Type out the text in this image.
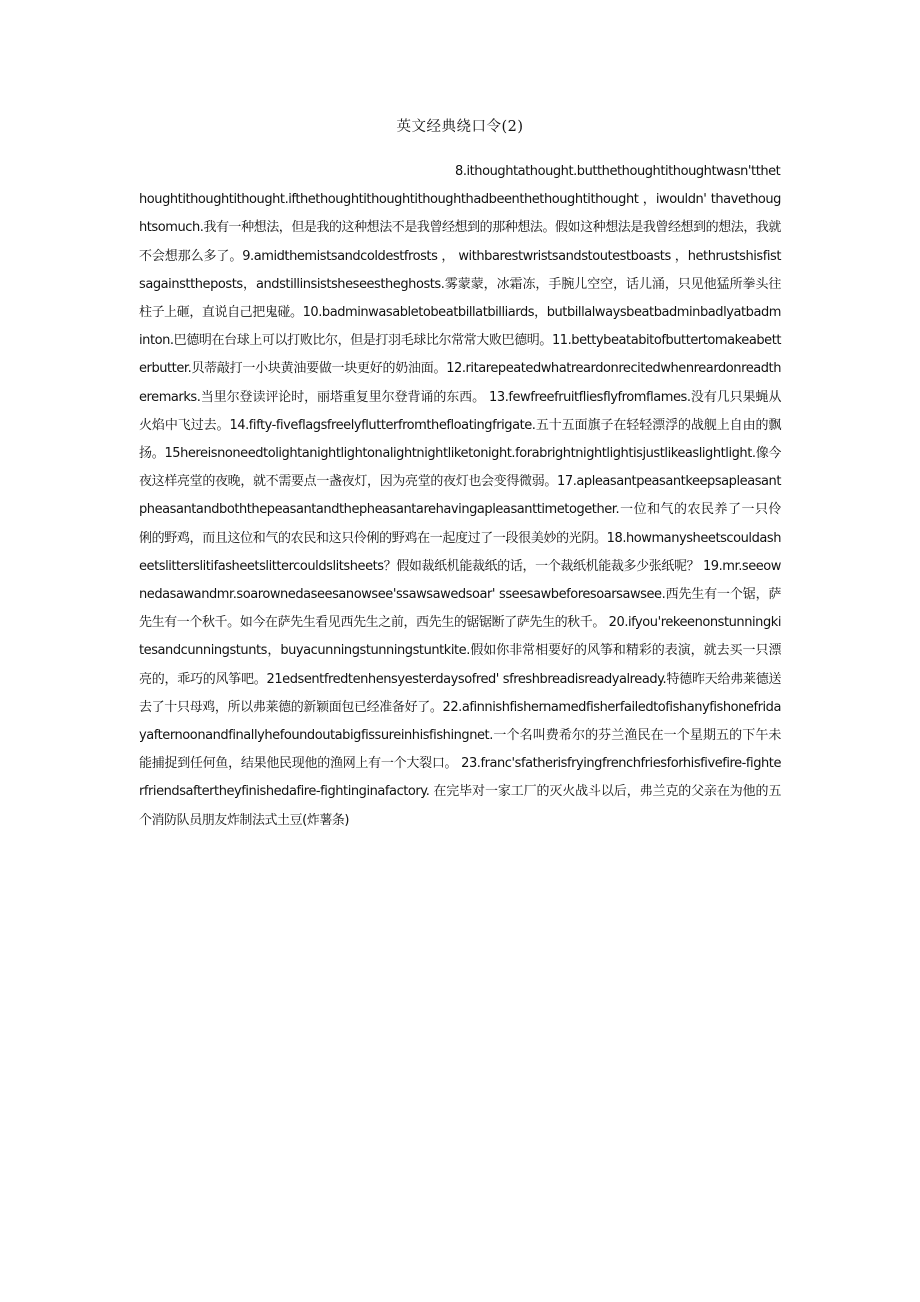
英文经典绕口令(2)
8.ithoughtathought.butthethoughtithoughtwasn'tthethoughtithoughtithought.ifthethoughtithoughtithoughthadbeenthethoughtithought ，iwouldn' thavethoughtsomuch.我有一种想法，但是我的这种想法不是我曾经想到的那种想法。假如这种想法是我曾经想到的想法，我就不会想那么多了。9.amidthemistsandcoldestfrosts ， withbarestwristsandstoutestboasts ，hethrustshisfistsagainsttheposts，andstillinsistsheseestheghosts.雾蒙蒙，冰霜冻，手腕儿空空，话儿涌，只见他猛所拳头往柱子上砸，直说自己把鬼碰。10.badminwasabletobeatbillatbilliards，butbillalwaysbeatbadminbadlyatbadminton.巴德明在台球上可以打败比尔，但是打羽毛球比尔常常大败巴德明。11.bettybeatabitofbuttertomakeabetterbutter.贝蒂敲打一小块黄油要做一块更好的奶油面。12.ritarepeatedwhatreardonrecitedwhenreardonreadtheremarks.当里尔登读评论时，丽塔重复里尔登背诵的东西。 13.fewfreefruitfliesflyfromflames.没有几只果蝇从火焰中飞过去。14.fifty-fiveflagsfreelyflutterfromthefloatingfrigate.五十五面旗子在轻轻漂浮的战舰上自由的飘扬。15hereisnoneedtolightanightlightonalightnightliketonight.forabrightnightlightisjustlikeaslightlight.像今夜这样亮堂的夜晚，就不需要点一盏夜灯，因为亮堂的夜灯也会变得微弱。17.apleasantpeasantkeepsapleasantpheasantandboththepeasantandthepheasantarehavingapleasanttimetogether.一位和气的农民养了一只伶俐的野鸡，而且这位和气的农民和这只伶俐的野鸡在一起度过了一段很美妙的光阴。18.howmanysheetscouldasheetslitterslitifasheetslittercouldslitsheets？假如裁纸机能裁纸的话，一个裁纸机能裁多少张纸呢？ 19.mr.seeownedasawandmr.soarownedaseesanowsee'ssawsawedsoar' sseesawbeforesoarsawsee.西先生有一个锯，萨先生有一个秋千。如今在萨先生看见西先生之前，西先生的锯锯断了萨先生的秋千。 20.ifyou'rekeenonstunningkitesandcunningstunts，buyacunningstunningstuntkite.假如你非常相要好的风筝和精彩的表演，就去买一只漂亮的，乖巧的风筝吧。21edsentfredtenhensyesterdaysofred' sfreshbreadisreadyalready.特德昨天给弗莱德送去了十只母鸡，所以弗莱德的新颖面包已经准备好了。22.afinnishfishernamedfisherfailedtofishanyfishonefridayafternoonandfinallyhefoundoutabigfissureinhisfishingnet.一个名叫费希尔的芬兰渔民在一个星期五的下午未能捕捉到任何鱼，结果他民现他的渔网上有一个大裂口。 23.franc'sfatherisfryingfrenchfriesforhisfivefire-fighterfriendsaftertheyfinishedafire-fightinginafactory. 在完毕对一家工厂的灭火战斗以后，弗兰克的父亲在为他的五个消防队员朋友炸制法式土豆(炸薯条)
